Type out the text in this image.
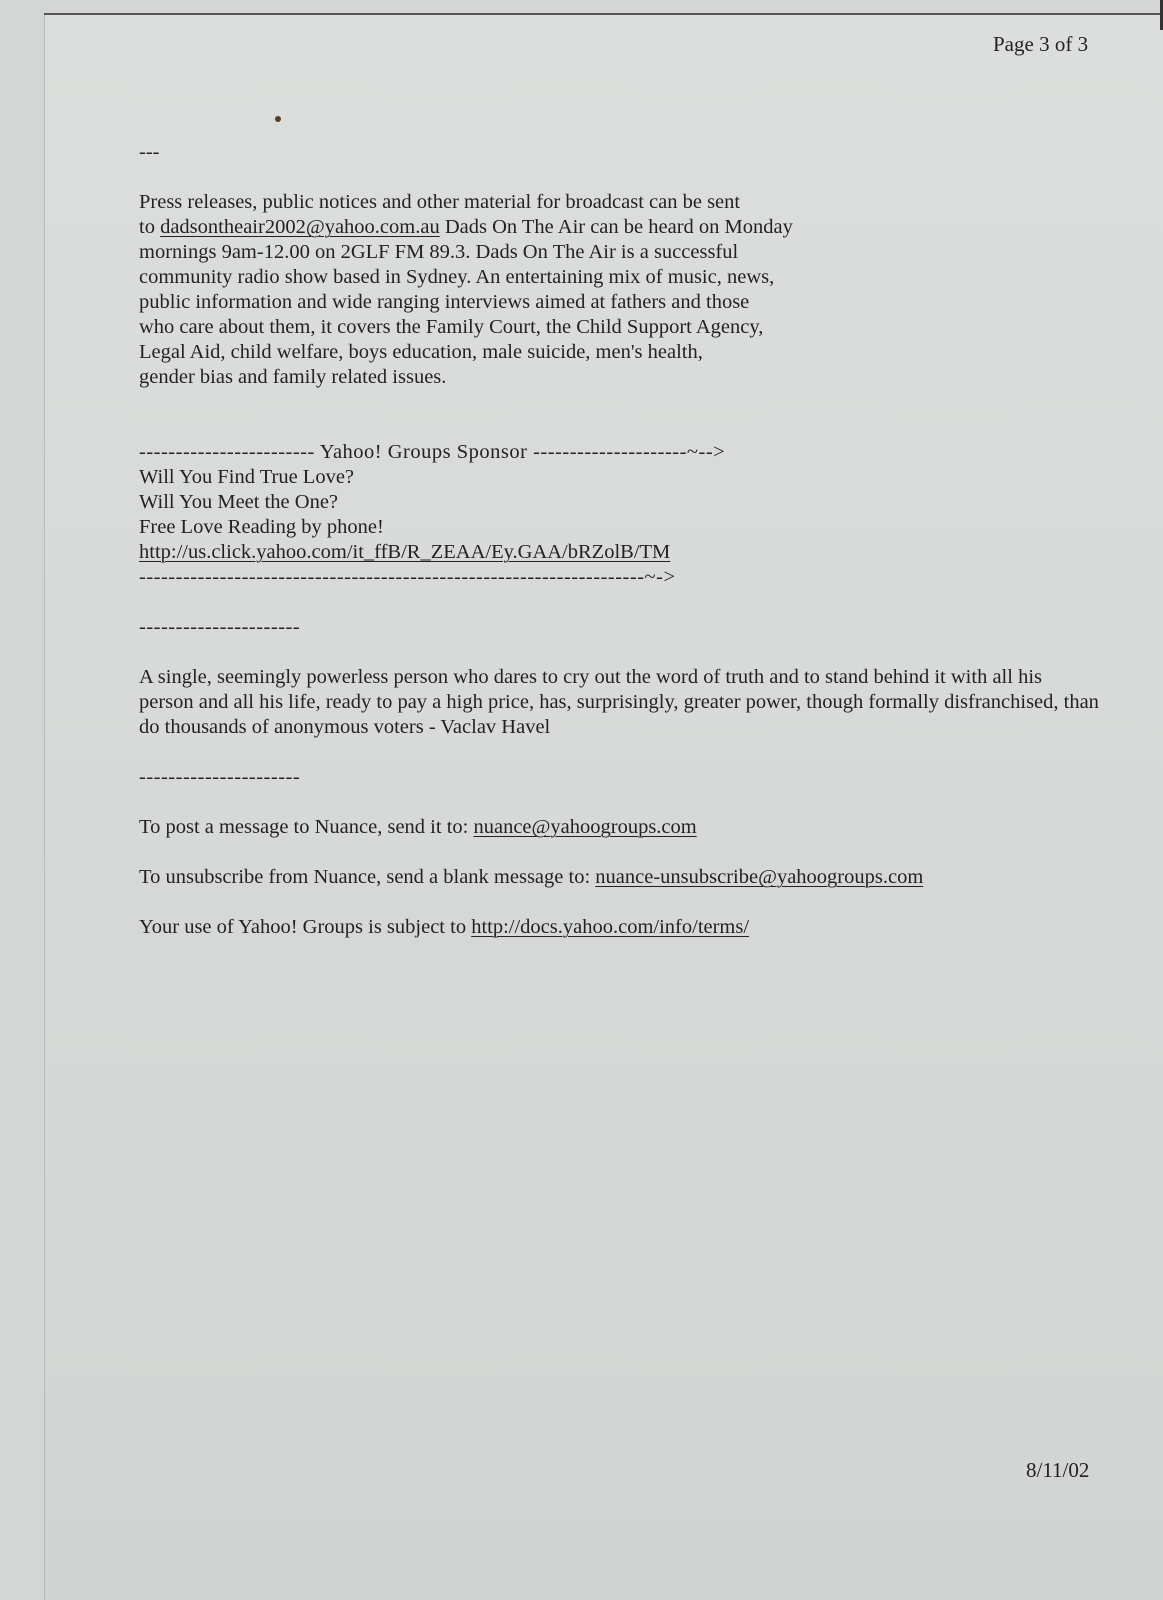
Page 3 of 3
---
Press releases, public notices and other material for broadcast can be sent
to dadsontheair2002@yahoo.com.au Dads On The Air can be heard on Monday
mornings 9am-12.00 on 2GLF FM 89.3. Dads On The Air is a successful
community radio show based in Sydney. An entertaining mix of music, news,
public information and wide ranging interviews aimed at fathers and those
who care about them, it covers the Family Court, the Child Support Agency,
Legal Aid, child welfare, boys education, male suicide, men's health,
gender bias and family related issues.
------------------------ Yahoo! Groups Sponsor ---------------------~-->
Will You Find True Love?
Will You Meet the One?
Free Love Reading by phone!
http://us.click.yahoo.com/it_ffB/R_ZEAA/Ey.GAA/bRZolB/TM
---------------------------------------------------------------------~->
----------------------
A single, seemingly powerless person who dares to cry out the word of truth and to stand behind it with all his person and all his life, ready to pay a high price, has, surprisingly, greater power, though formally disfranchised, than do thousands of anonymous voters - Vaclav Havel
----------------------
To post a message to Nuance, send it to: nuance@yahoogroups.com
To unsubscribe from Nuance, send a blank message to: nuance-unsubscribe@yahoogroups.com
Your use of Yahoo! Groups is subject to http://docs.yahoo.com/info/terms/
8/11/02
